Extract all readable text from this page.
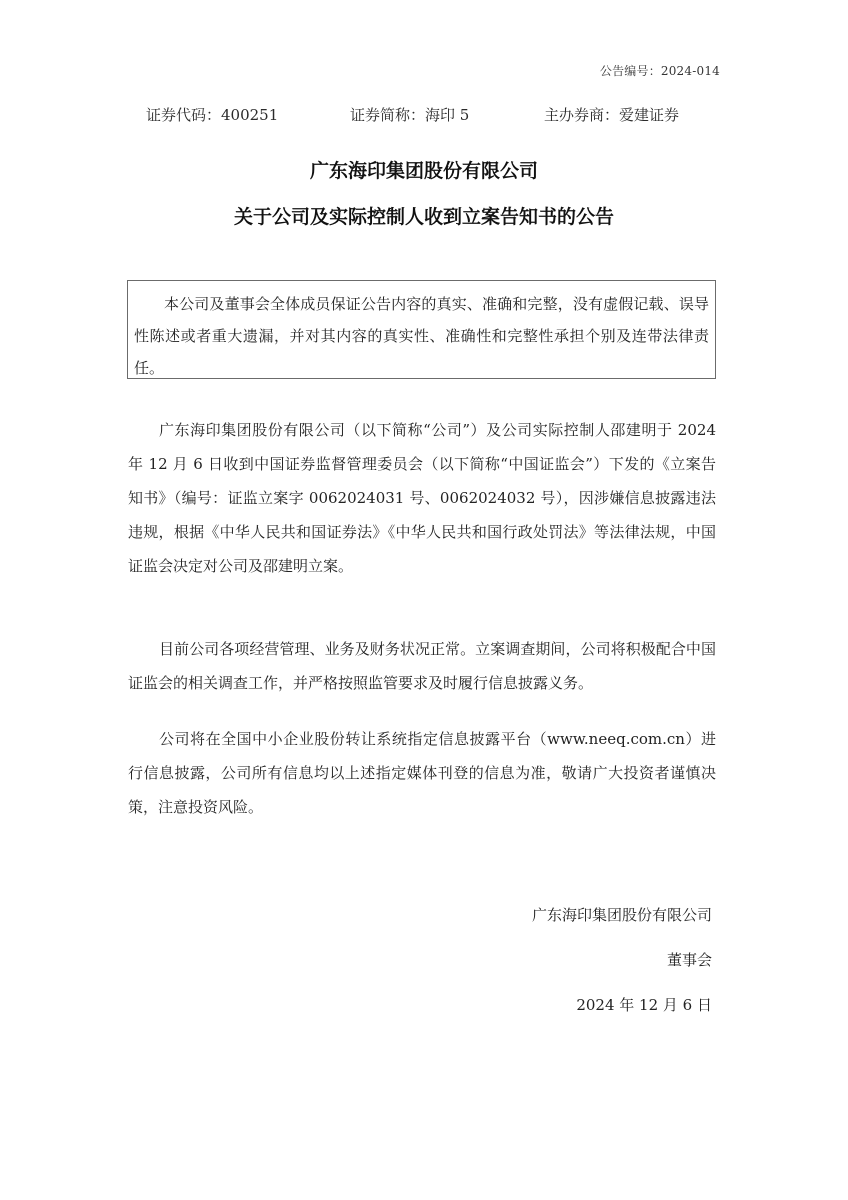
公告编号：2024-014
证券代码：400251	证券简称：海印 5	主办券商：爱建证券
广东海印集团股份有限公司
关于公司及实际控制人收到立案告知书的公告

本公司及董事会全体成员保证公告内容的真实、准确和完整，没有虚假记载、误导性陈述或者重大遗漏，并对其内容的真实性、准确性和完整性承担个别及连带法律责任。

广东海印集团股份有限公司（以下简称“公司”）及公司实际控制人邵建明于 2024 年 12 月 6 日收到中国证券监督管理委员会（以下简称“中国证监会”）下发的《立案告知书》（编号：证监立案字 0062024031 号、0062024032 号），因涉嫌信息披露违法违规，根据《中华人民共和国证券法》《中华人民共和国行政处罚法》等法律法规，中国证监会决定对公司及邵建明立案。

目前公司各项经营管理、业务及财务状况正常。立案调查期间，公司将积极配合中国证监会的相关调查工作，并严格按照监管要求及时履行信息披露义务。

公司将在全国中小企业股份转让系统指定信息披露平台（www.neeq.com.cn）进行信息披露，公司所有信息均以上述指定媒体刊登的信息为准，敬请广大投资者谨慎决策，注意投资风险。

广东海印集团股份有限公司
董事会
2024 年 12 月 6 日
